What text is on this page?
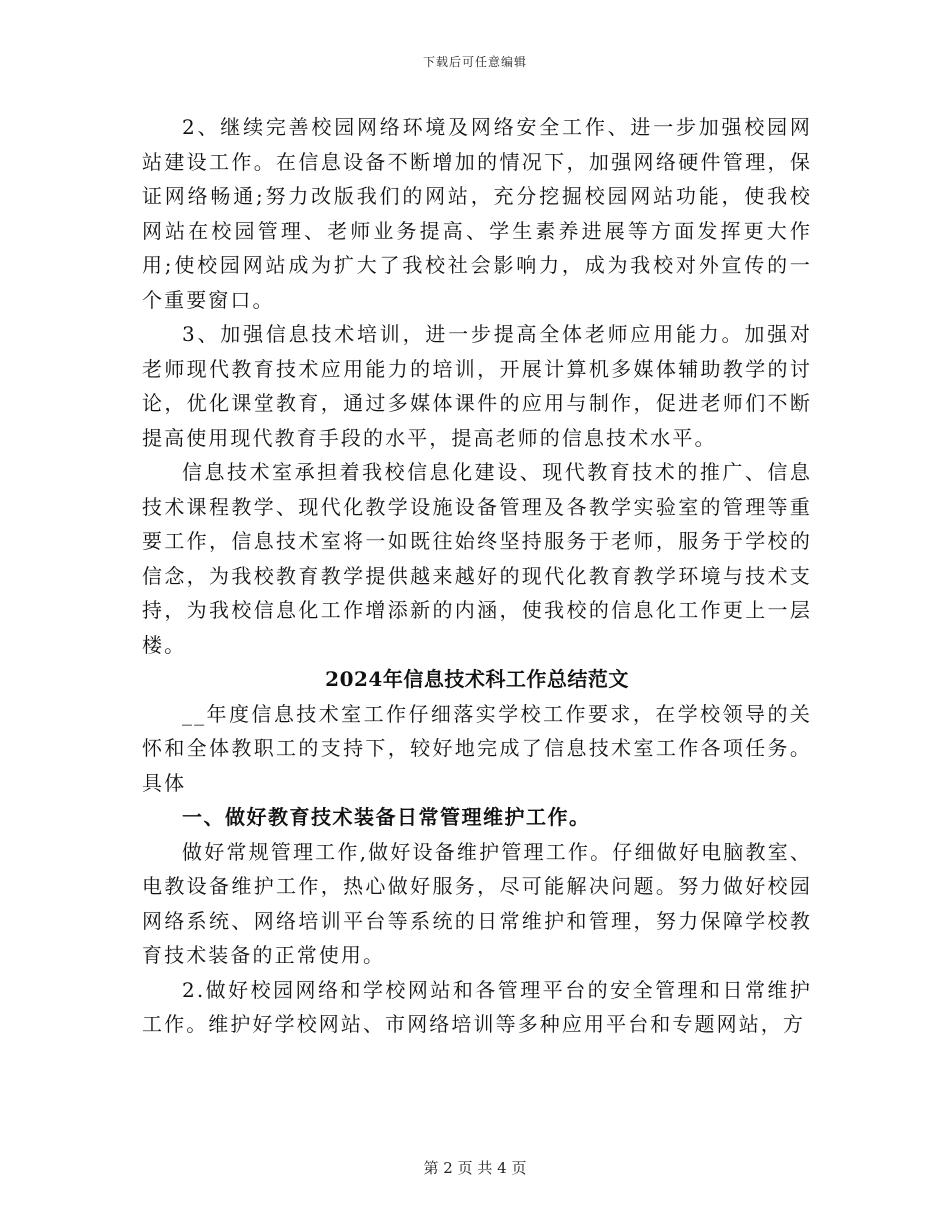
下载后可任意编辑

2、继续完善校园网络环境及网络安全工作、进一步加强校园网站建设工作。在信息设备不断增加的情况下，加强网络硬件管理，保证网络畅通;努力改版我们的网站，充分挖掘校园网站功能，使我校网站在校园管理、老师业务提高、学生素养进展等方面发挥更大作用;使校园网站成为扩大了我校社会影响力，成为我校对外宣传的一个重要窗口。

3、加强信息技术培训，进一步提高全体老师应用能力。加强对老师现代教育技术应用能力的培训，开展计算机多媒体辅助教学的讨论，优化课堂教育，通过多媒体课件的应用与制作，促进老师们不断提高使用现代教育手段的水平，提高老师的信息技术水平。

信息技术室承担着我校信息化建设、现代教育技术的推广、信息技术课程教学、现代化教学设施设备管理及各教学实验室的管理等重要工作，信息技术室将一如既往始终坚持服务于老师，服务于学校的信念，为我校教育教学提供越来越好的现代化教育教学环境与技术支持，为我校信息化工作增添新的内涵，使我校的信息化工作更上一层楼。

2024年信息技术科工作总结范文

__年度信息技术室工作仔细落实学校工作要求，在学校领导的关怀和全体教职工的支持下，较好地完成了信息技术室工作各项任务。具体

一、做好教育技术装备日常管理维护工作。

做好常规管理工作,做好设备维护管理工作。仔细做好电脑教室、电教设备维护工作，热心做好服务，尽可能解决问题。努力做好校园网络系统、网络培训平台等系统的日常维护和管理，努力保障学校教育技术装备的正常使用。

2.做好校园网络和学校网站和各管理平台的安全管理和日常维护工作。维护好学校网站、市网络培训等多种应用平台和专题网站，方

第 2 页 共 4 页
